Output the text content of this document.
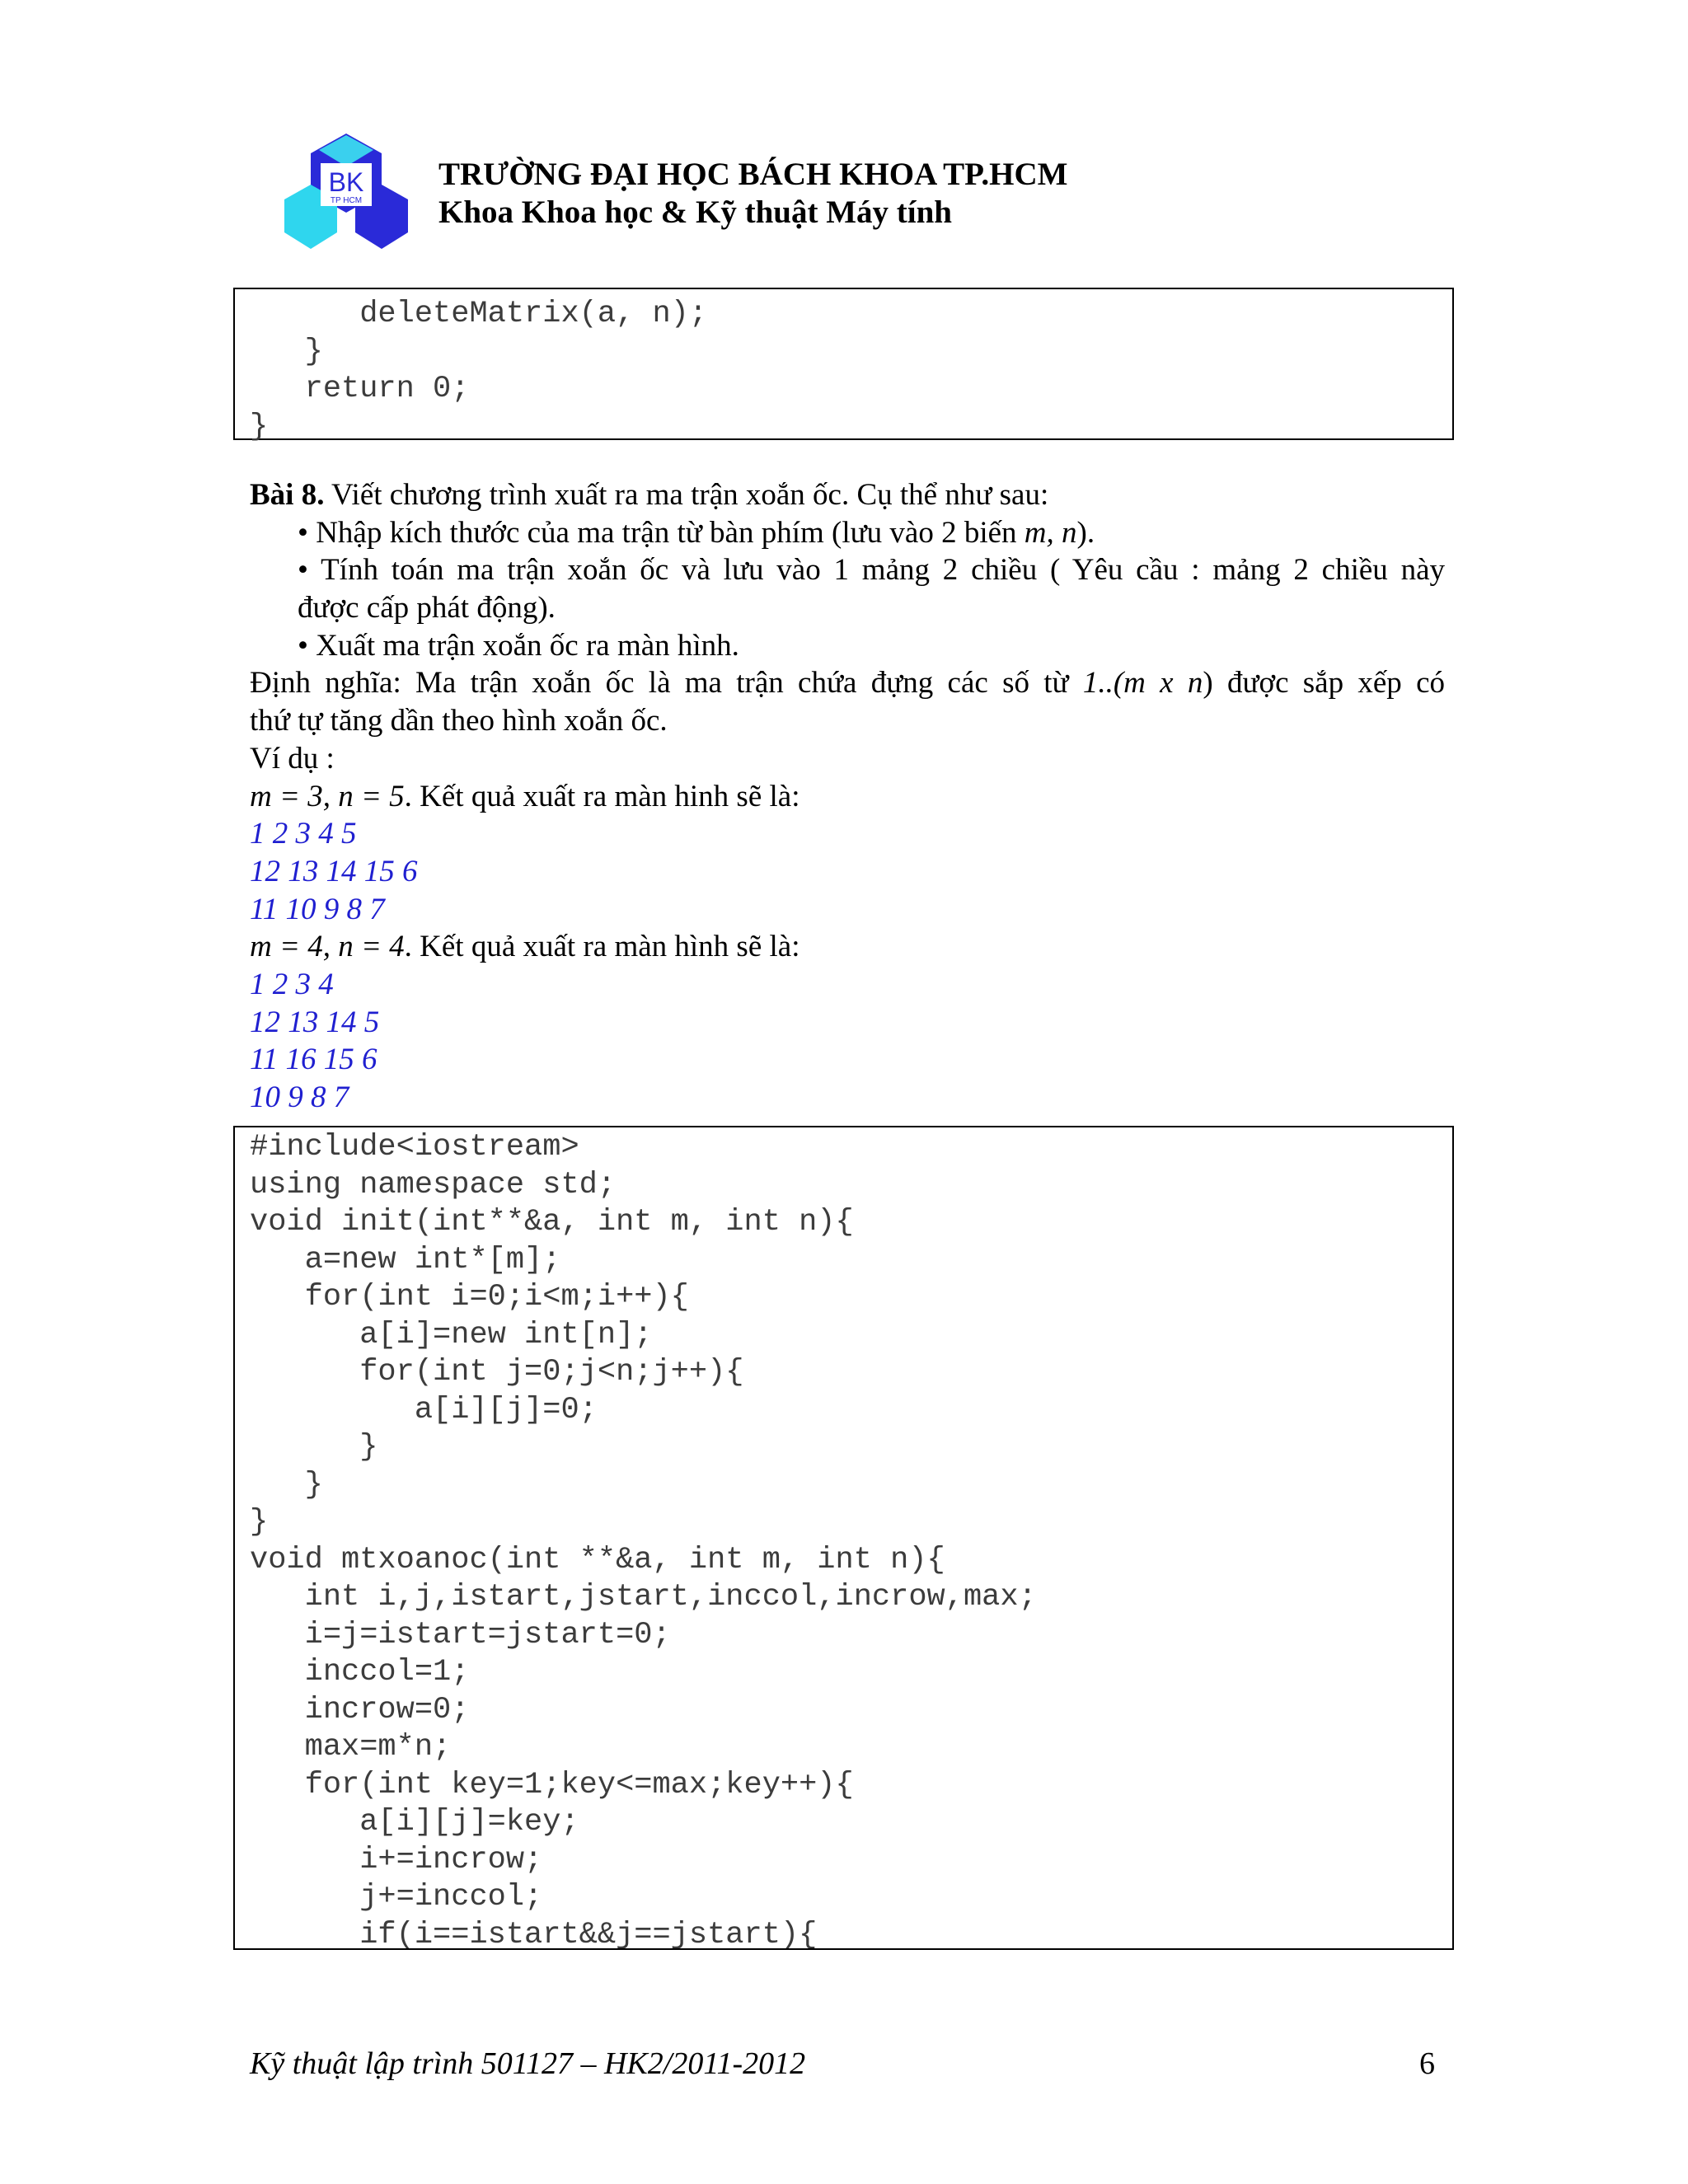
BK
TP HCM
TRƯỜNG ĐẠI HỌC BÁCH KHOA TP.HCM
Khoa Khoa học & Kỹ thuật Máy tính
deleteMatrix(a, n);
}
return 0;
}
Bài 8. Viết chương trình xuất ra ma trận xoắn ốc. Cụ thể như sau:
• Nhập kích thước của ma trận từ bàn phím (lưu vào 2 biến m, n).
• Tính toán ma trận xoắn ốc và lưu vào 1 mảng 2 chiều ( Yêu cầu : mảng 2 chiều này
được cấp phát động).
• Xuất ma trận xoắn ốc ra màn hình.
Định nghĩa: Ma trận xoắn ốc là ma trận chứa đựng các số từ 1..(m x n) được sắp xếp có
thứ tự tăng dần theo hình xoắn ốc.
Ví dụ :
m = 3, n = 5. Kết quả xuất ra màn hinh sẽ là:
1 2 3 4 5
12 13 14 15 6
11 10 9 8 7
m = 4, n = 4. Kết quả xuất ra màn hình sẽ là:
1 2 3 4
12 13 14 5
11 16 15 6
10 9 8 7
#include<iostream>
using namespace std;
void init(int**&a, int m, int n){
a=new int*[m];
for(int i=0;i<m;i++){
a[i]=new int[n];
for(int j=0;j<n;j++){
a[i][j]=0;
}
}
}
void mtxoanoc(int **&a, int m, int n){
int i,j,istart,jstart,inccol,incrow,max;
i=j=istart=jstart=0;
inccol=1;
incrow=0;
max=m*n;
for(int key=1;key<=max;key++){
a[i][j]=key;
i+=incrow;
j+=inccol;
if(i==istart&&j==jstart){
Kỹ thuật lập trình 501127 – HK2/2011-2012	6
